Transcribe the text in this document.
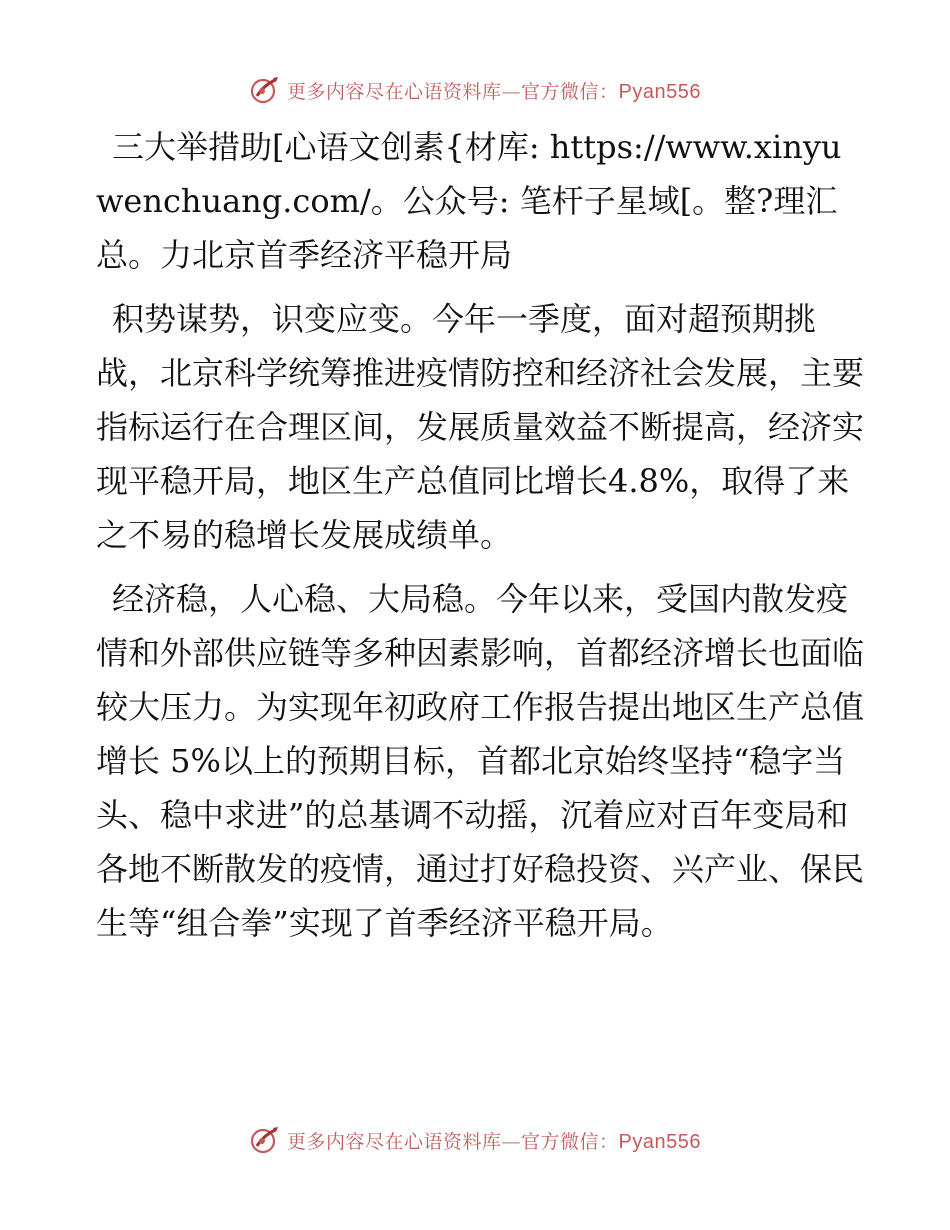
更多内容尽在心语资料库—官方微信：Pyan556

三大举措助[心语文创素{材库: https://www.xinyuwenchuang.com/。公众号: 笔杆子星域[。整?理汇总。力北京首季经济平稳开局

积势谋势，识变应变。今年一季度，面对超预期挑战，北京科学统筹推进疫情防控和经济社会发展，主要指标运行在合理区间，发展质量效益不断提高，经济实现平稳开局，地区生产总值同比增长4.8%，取得了来之不易的稳增长发展成绩单。

经济稳，人心稳、大局稳。今年以来，受国内散发疫情和外部供应链等多种因素影响，首都经济增长也面临较大压力。为实现年初政府工作报告提出地区生产总值增长 5%以上的预期目标，首都北京始终坚持“稳字当头、稳中求进”的总基调不动摇，沉着应对百年变局和各地不断散发的疫情，通过打好稳投资、兴产业、保民生等“组合拳”实现了首季经济平稳开局。

更多内容尽在心语资料库—官方微信：Pyan556
